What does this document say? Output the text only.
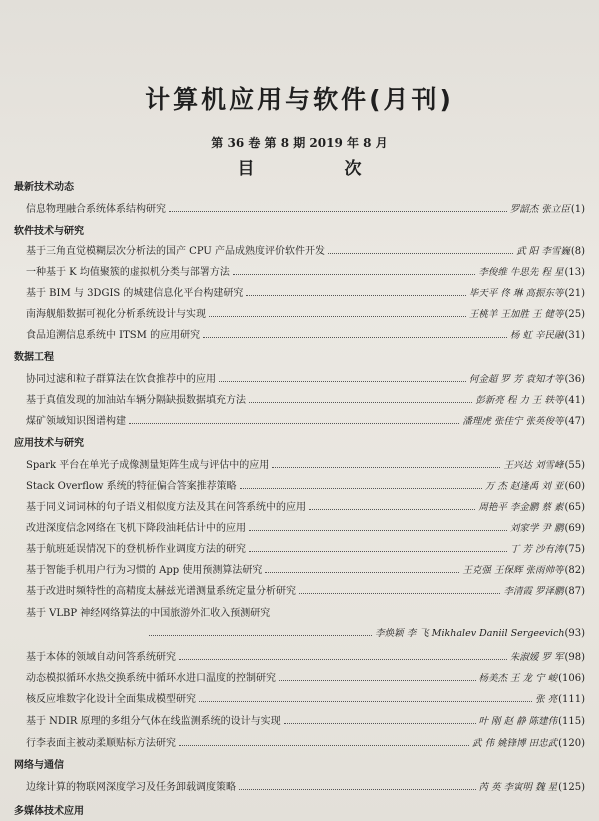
计算机应用与软件(月刊)
第 36 卷 第 8 期 2019 年 8 月
目 次
最新技术动态
信息物理融合系统体系结构研究	罗韶杰 张立臣 (1)
软件技术与研究
基于三角直觉模糊层次分析法的国产 CPU 产品成熟度评价软件开发	武 阳 李雪巍 (8)
一种基于 K 均值聚簇的虚拟机分类与部署方法	李俊维 牛思先 程 星 (13)
基于 BIM 与 3DGIS 的城建信息化平台构建研究	毕天平 佟 琳 高振东等 (21)
南海舰船数据可视化分析系统设计与实现	王桃羊 王加胜 王 健等 (25)
食品追溯信息系统中 ITSM 的应用研究	杨 虹 辛民融 (31)
数据工程
协同过滤和粒子群算法在饮食推荐中的应用	何金超 罗 芳 袁知才等 (36)
基于真值发现的加油站车辆分隔缺损数据填充方法	彭新亮 程 力 王 轶等 (41)
煤矿领域知识图谱构建	潘理虎 张佳宁 张英俊等 (47)
应用技术与研究
Spark 平台在单光子成像测量矩阵生成与评估中的应用	王兴达 刘雪峰 (55)
Stack Overflow 系统的特征偏合答案推荐策略	万 杰 赵逢禹 刘 亚 (60)
基于同义词词林的句子语义相似度方法及其在问答系统中的应用	周艳平 李金鹏 蔡 素 (65)
改进深度信念网络在飞机下降段油耗估计中的应用	刘家学 尹 鹏 (69)
基于航班延误情况下的登机桥作业调度方法的研究	丁 芳 沙有涛 (75)
基于智能手机用户行为习惯的 App 使用预测算法研究	王克强 王保辉 张雨帅等 (82)
基于改进时频特性的高精度太赫兹光谱测量系统定量分析研究	李清霞 罗泽鹏 (87)
基于 VLBP 神经网络算法的中国旅游外汇收入预测研究
李焕颖 李 飞 Mikhalev Daniil Sergeevich (93)
基于本体的领域自动问答系统研究	朱淑媛 罗 军 (98)
动态模拟循环水热交换系统中循环水进口温度的控制研究	杨美杰 王 龙 宁 峻 (106)
核反应堆数字化设计全面集成模型研究	张 亮 (111)
基于 NDIR 原理的多组分气体在线监测系统的设计与实现	叶 刚 赵 静 陈建伟 (115)
行李表面主被动柔顺贴标方法研究	武 伟 姚锋博 田忠武 (120)
网络与通信
边缘计算的物联网深度学习及任务卸载调度策略	芮 英 李寅明 魏 星 (125)
多媒体技术应用
